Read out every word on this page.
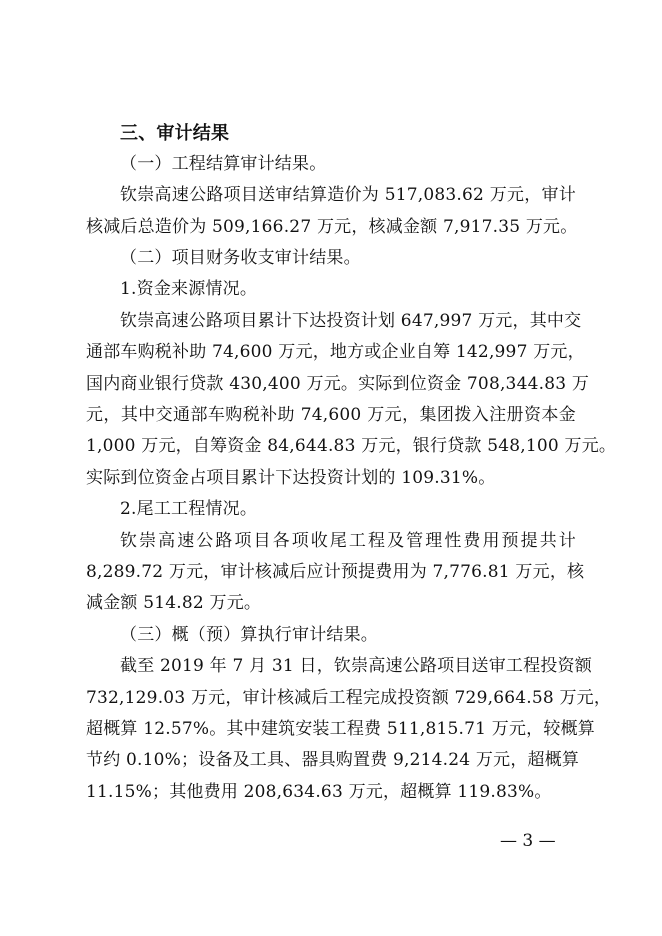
三、审计结果
（一）工程结算审计结果。
钦崇高速公路项目送审结算造价为 517,083.62 万元，审计
核减后总造价为 509,166.27 万元，核减金额 7,917.35 万元。
（二）项目财务收支审计结果。
1.资金来源情况。
钦崇高速公路项目累计下达投资计划 647,997 万元，其中交
通部车购税补助 74,600 万元，地方或企业自筹 142,997 万元，
国内商业银行贷款 430,400 万元。实际到位资金 708,344.83 万
元，其中交通部车购税补助 74,600 万元，集团拨入注册资本金
1,000 万元，自筹资金 84,644.83 万元，银行贷款 548,100 万元。
实际到位资金占项目累计下达投资计划的 109.31%。
2.尾工工程情况。
钦崇高速公路项目各项收尾工程及管理性费用预提共计
8,289.72 万元，审计核减后应计预提费用为 7,776.81 万元，核
减金额 514.82 万元。
（三）概（预）算执行审计结果。
截至 2019 年 7 月 31 日，钦崇高速公路项目送审工程投资额
732,129.03 万元，审计核减后工程完成投资额 729,664.58 万元，
超概算 12.57%。其中建筑安装工程费 511,815.71 万元，较概算
节约 0.10%；设备及工具、器具购置费 9,214.24 万元，超概算
11.15%；其他费用 208,634.63 万元，超概算 119.83%。
— 3 —
